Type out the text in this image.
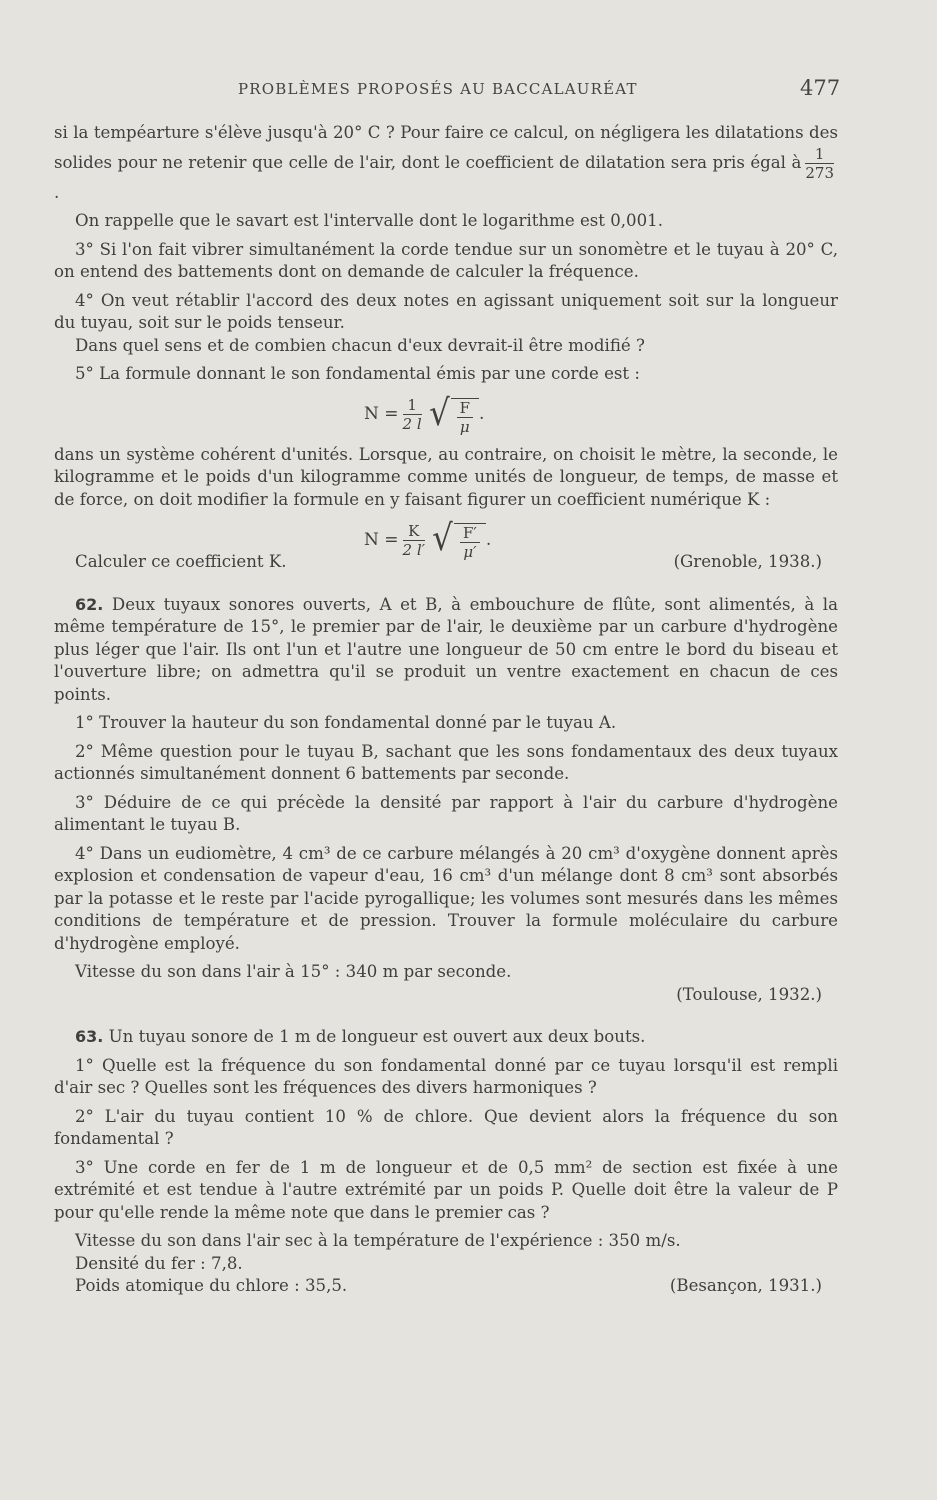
PROBLÈMES PROPOSÉS AU BACCALAURÉAT	477

si la tempéarture s'élève jusqu'à 20° C ? Pour faire ce calcul, on négligera les dilatations des solides pour ne retenir que celle de l'air, dont le coefficient de dilatation sera pris égal à $\frac{1}{273}$
.

On rappelle que le savart est l'intervalle dont le logarithme est 0,001.

3° Si l'on fait vibrer simultanément la corde tendue sur un sonomètre et le tuyau à 20° C, on entend des battements dont on demande de calculer la fréquence.

4° On veut rétablir l'accord des deux notes en agissant uniquement soit sur la longueur du tuyau, soit sur le poids tenseur.

Dans quel sens et de combien chacun d'eux devrait-il être modifié ?

5° La formule donnant le son fondamental émis par une corde est :

$N = \frac{1}{2 l}$ √ $\frac{F}{\mu}$ .

dans un système cohérent d'unités. Lorsque, au contraire, on choisit le mètre, la seconde, le kilogramme et le poids d'un kilogramme comme unités de longueur, de temps, de masse et de force, on doit modifier la formule en y faisant figurer un coefficient numérique K :

$N = \frac{K}{2 l'}$ √ $\frac{F'}{\mu'}$ .
Calculer ce coefficient K.	(Grenoble, 1938.)

62. Deux tuyaux sonores ouverts, A et B, à embouchure de flûte, sont alimentés, à la même température de 15°, le premier par de l'air, le deuxième par un carbure d'hydrogène plus léger que l'air. Ils ont l'un et l'autre une longueur de 50 cm entre le bord du biseau et l'ouverture libre; on admettra qu'il se produit un ventre exactement en chacun de ces points.

1° Trouver la hauteur du son fondamental donné par le tuyau A.

2° Même question pour le tuyau B, sachant que les sons fondamentaux des deux tuyaux actionnés simultanément donnent 6 battements par seconde.

3° Déduire de ce qui précède la densité par rapport à l'air du carbure d'hydrogène alimentant le tuyau B.

4° Dans un eudiomètre, 4 cm³ de ce carbure mélangés à 20 cm³ d'oxygène donnent après explosion et condensation de vapeur d'eau, 16 cm³ d'un mélange dont 8 cm³ sont absorbés par la potasse et le reste par l'acide pyrogallique; les volumes sont mesurés dans les mêmes conditions de température et de pression. Trouver la formule moléculaire du carbure d'hydrogène employé.

Vitesse du son dans l'air à 15° : 340 m par seconde.

(Toulouse, 1932.)

63. Un tuyau sonore de 1 m de longueur est ouvert aux deux bouts.

1° Quelle est la fréquence du son fondamental donné par ce tuyau lorsqu'il est rempli d'air sec ? Quelles sont les fréquences des divers harmoniques ?

2° L'air du tuyau contient 10 % de chlore. Que devient alors la fréquence du son fondamental ?

3° Une corde en fer de 1 m de longueur et de 0,5 mm² de section est fixée à une extrémité et est tendue à l'autre extrémité par un poids P. Quelle doit être la valeur de P pour qu'elle rende la même note que dans le premier cas ?

Vitesse du son dans l'air sec à la température de l'expérience : 350 m/s.

Densité du fer : 7,8.

Poids atomique du chlore : 35,5.	(Besançon, 1931.)
